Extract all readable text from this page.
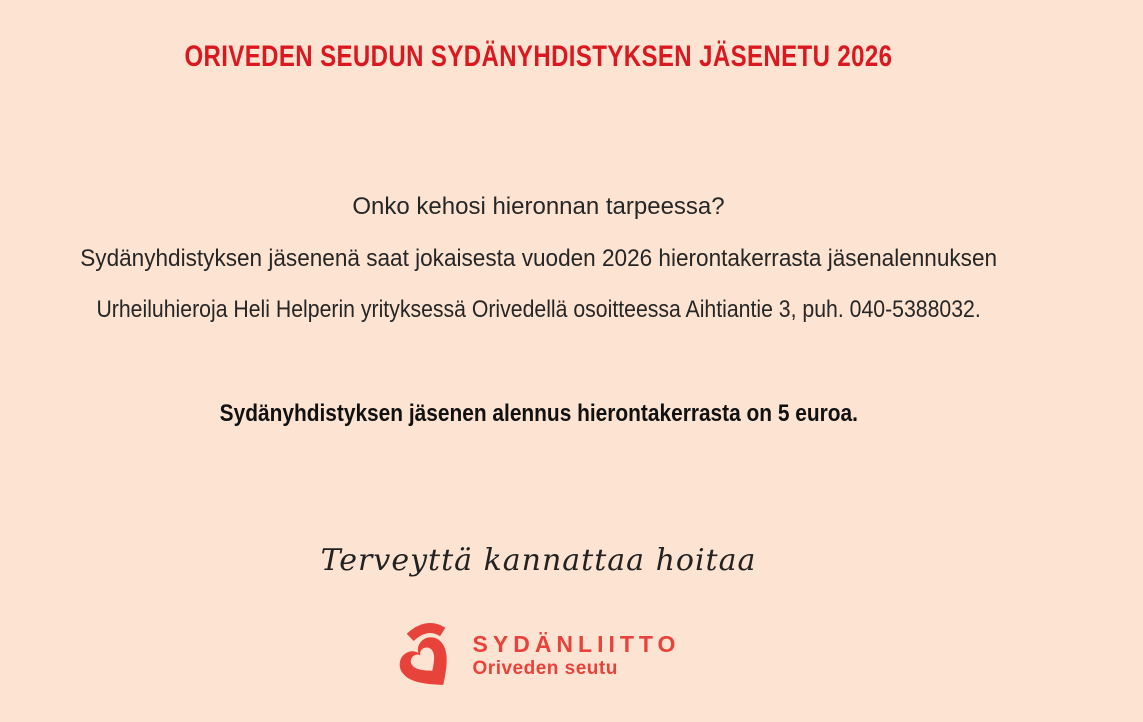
ORIVEDEN SEUDUN SYDÄNYHDISTYKSEN JÄSENETU 2026
Onko kehosi hieronnan tarpeessa?
Sydänyhdistyksen jäsenenä saat jokaisesta vuoden 2026 hierontakerrasta jäsenalennuksen
Urheiluhieroja Heli Helperin yrityksessä Orivedellä osoitteessa Aihtiantie 3, puh. 040-5388032.
Sydänyhdistyksen jäsenen alennus hierontakerrasta on 5 euroa.
Terveyttä kannattaa hoitaa
SYDÄNLIITTO
Oriveden seutu
